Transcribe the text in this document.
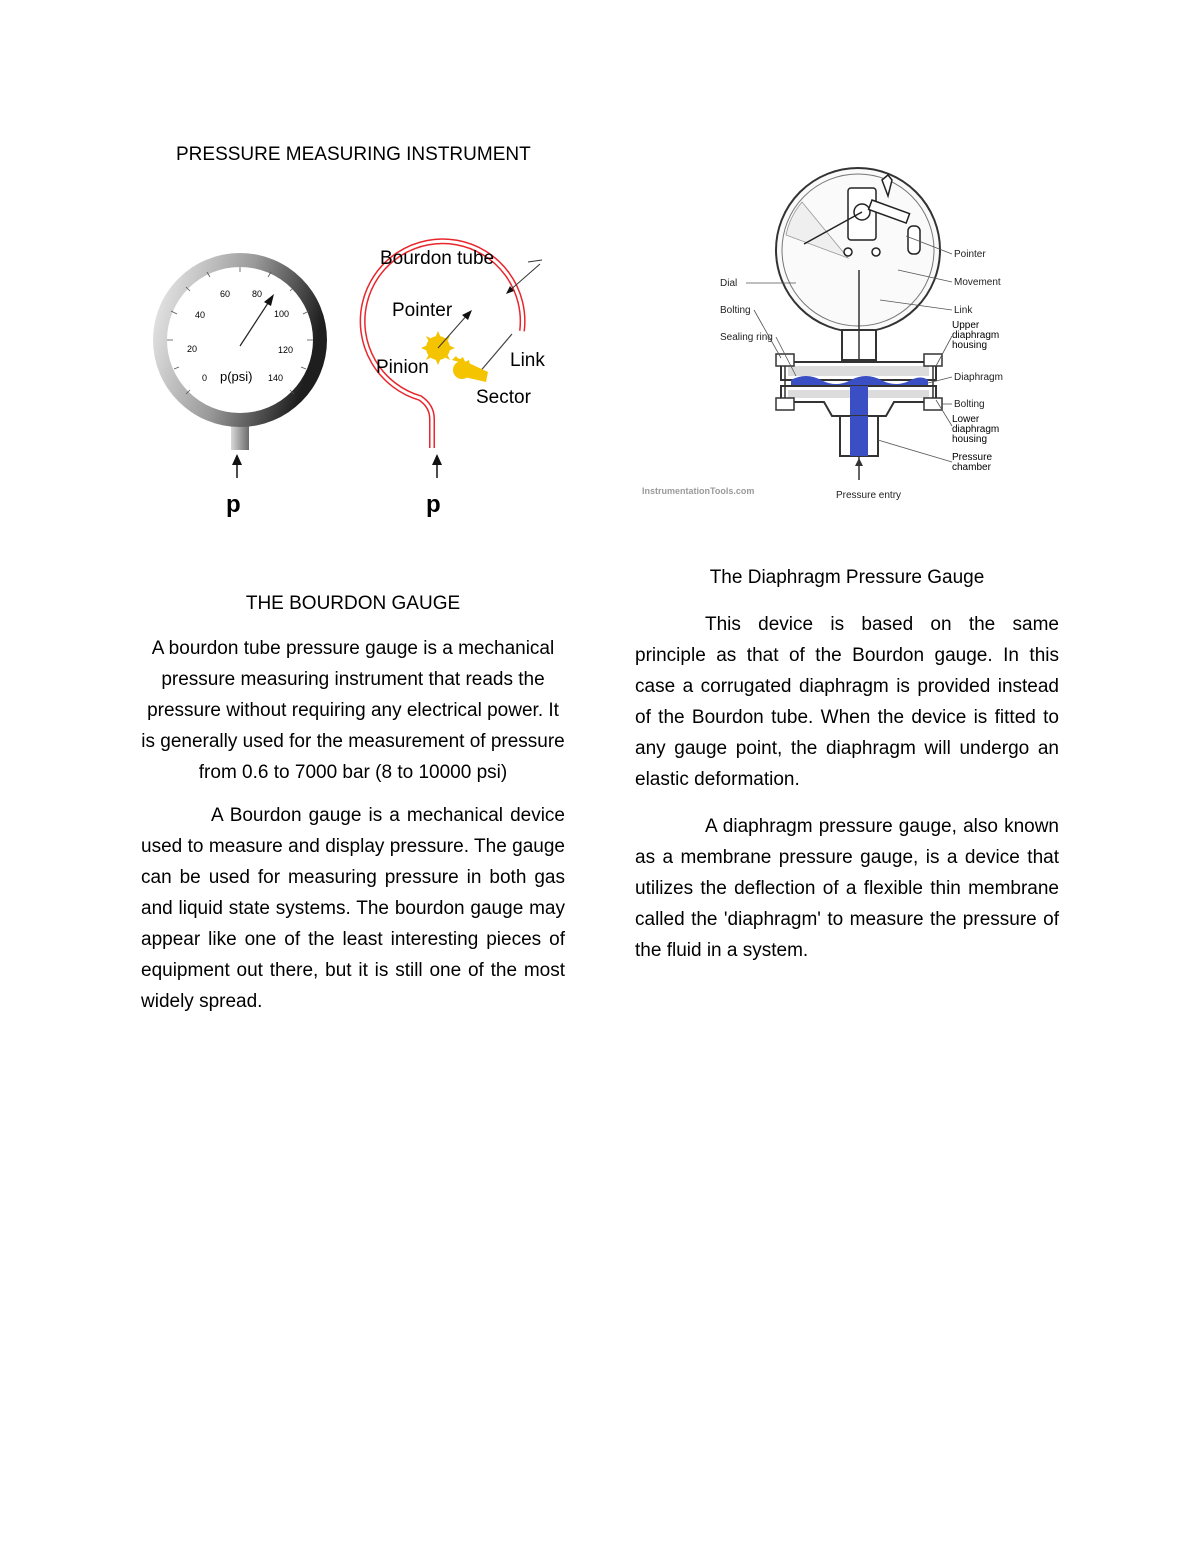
PRESSURE MEASURING INSTRUMENT
0
20
40
60 80
100
120
140
p(psi)
p
Bourdon tube
Pointer
Pinion	Link
Sector
p
Dial
Bolting
Sealing ring
Pointer
Movement
Link
Upper diaphragm housing
Diaphragm
Bolting
Lower diaphragm housing
Pressure chamber
Pressure entry
InstrumentationTools.com

THE BOURDON GAUGE

A bourdon tube pressure gauge is a mechanical pressure measuring instrument that reads the pressure without requiring any electrical power. It is generally used for the measurement of pressure from 0.6 to 7000 bar (8 to 10000 psi)

A Bourdon gauge is a mechanical device used to measure and display pressure. The gauge can be used for measuring pressure in both gas and liquid state systems. The bourdon gauge may appear like one of the least interesting pieces of equipment out there, but it is still one of the most widely spread.

The Diaphragm Pressure Gauge

This device is based on the same principle as that of the Bourdon gauge. In this case a corrugated diaphragm is provided instead of the Bourdon tube. When the device is fitted to any gauge point, the diaphragm will undergo an elastic deformation.

A diaphragm pressure gauge, also known as a membrane pressure gauge, is a device that utilizes the deflection of a flexible thin membrane called the 'diaphragm' to measure the pressure of the fluid in a system.
